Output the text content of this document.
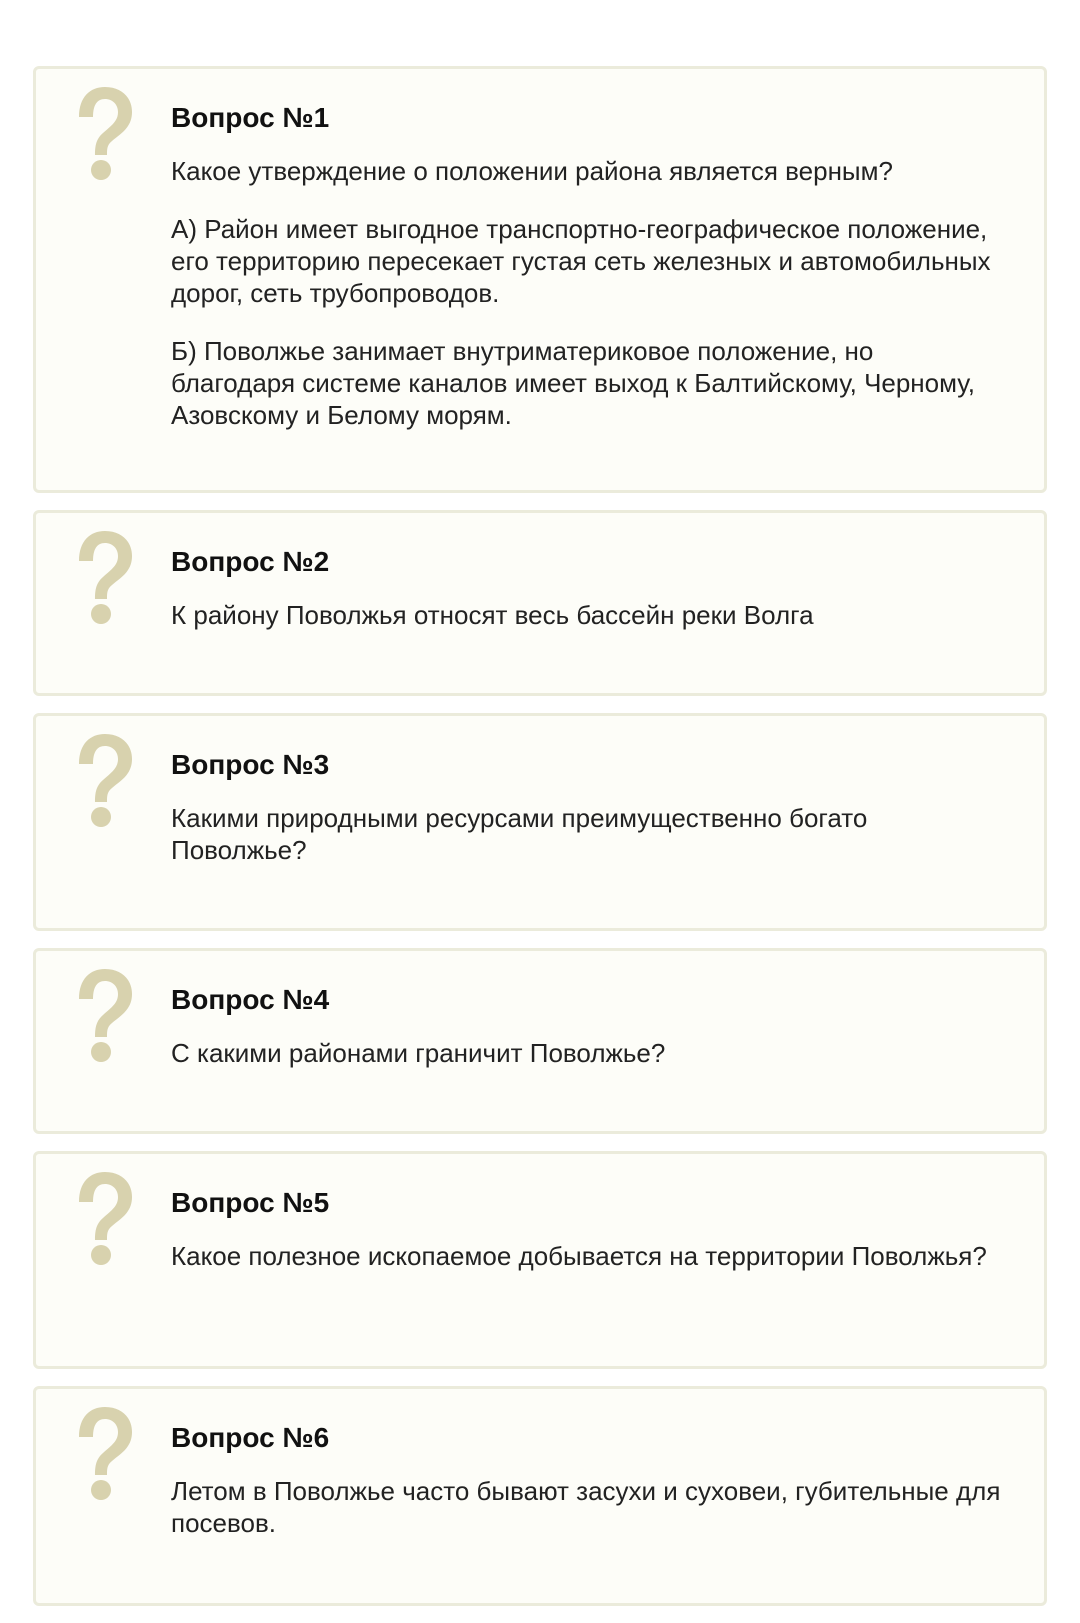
Вопрос №1
Какое утверждение о положении района является верным?
А) Район имеет выгодное транспортно-географическое положение, его территорию пересекает густая сеть железных и автомобильных дорог, сеть трубопроводов.
Б) Поволжье занимает внутриматериковое положение, но благодаря системе каналов имеет выход к Балтийскому, Черному, Азовскому и Белому морям.
Вопрос №2
К району Поволжья относят весь бассейн реки Волга
Вопрос №3
Какими природными ресурсами преимущественно богато Поволжье?
Вопрос №4
С какими районами граничит Поволжье?
Вопрос №5
Какое полезное ископаемое добывается на территории Поволжья?
Вопрос №6
Летом в Поволжье часто бывают засухи и суховеи, губительные для посевов.
